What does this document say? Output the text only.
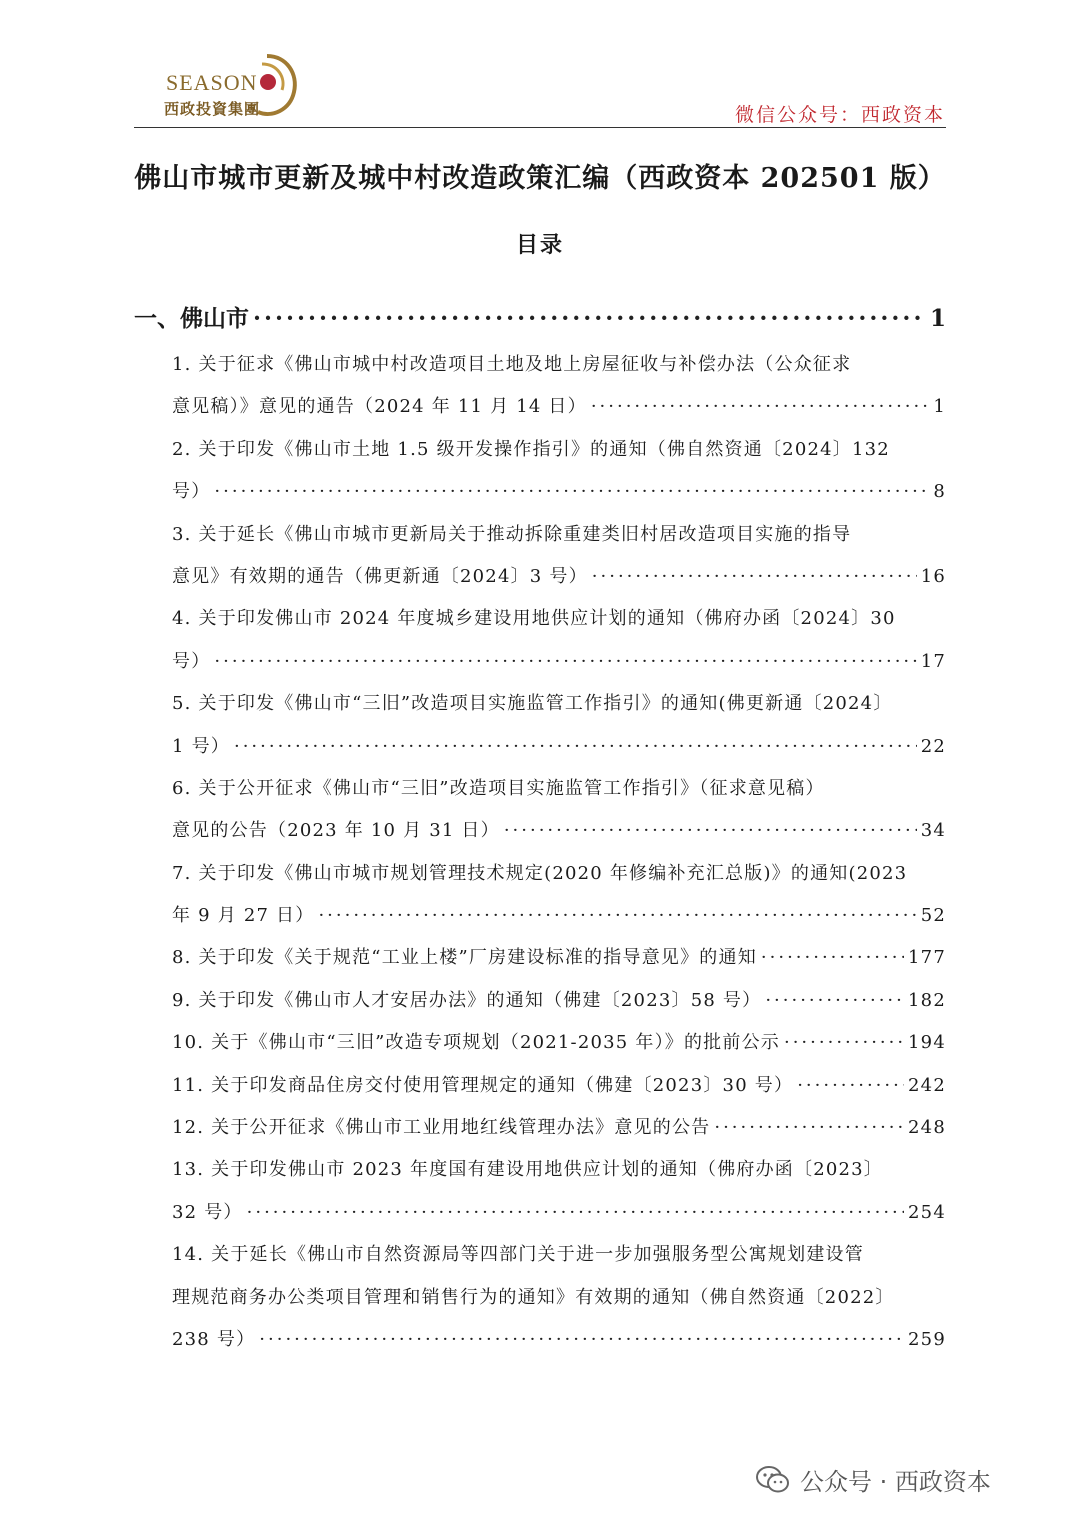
SEASON
西政投資集團	微信公众号：西政资本
佛山市城市更新及城中村改造政策汇编（西政资本 202501 版）
目录
一、 佛山市 ·····	1
1. 关于征求《佛山市城中村改造项目土地及地上房屋征收与补偿办法（公众征求
意见稿）》意见的通告（2024 年 11 月 14 日） ·····	1
2. 关于印发《佛山市土地 1.5 级开发操作指引》的通知（佛自然资通〔2024〕132
号） ·····	8
3. 关于延长《佛山市城市更新局关于推动拆除重建类旧村居改造项目实施的指导
意见》有效期的通告（佛更新通〔2024〕3 号） ·····	16
4. 关于印发佛山市 2024 年度城乡建设用地供应计划的通知（佛府办函〔2024〕30
号） ·····	17
5. 关于印发《佛山市“三旧”改造项目实施监管工作指引》的通知(佛更新通〔2024〕
1 号） ·····	22
6. 关于公开征求《佛山市“三旧”改造项目实施监管工作指引》（征求意见稿）
意见的公告（2023 年 10 月 31 日） ·····	34
7. 关于印发《佛山市城市规划管理技术规定(2020 年修编补充汇总版)》的通知(2023
年 9 月 27 日） ·····	52
8. 关于印发《关于规范“工业上楼”厂房建设标准的指导意见》的通知 ·····	177
9. 关于印发《佛山市人才安居办法》的通知（佛建〔2023〕58 号） ·····	182
10. 关于《佛山市“三旧”改造专项规划（2021-2035 年）》的批前公示 ·····	194
11. 关于印发商品住房交付使用管理规定的通知（佛建〔2023〕30 号） ·····	242
12. 关于公开征求《佛山市工业用地红线管理办法》意见的公告 ·····	248
13. 关于印发佛山市 2023 年度国有建设用地供应计划的通知（佛府办函〔2023〕
32 号） ·····	254
14. 关于延长《佛山市自然资源局等四部门关于进一步加强服务型公寓规划建设管
理规范商务办公类项目管理和销售行为的通知》有效期的通知（佛自然资通〔2022〕
238 号） ·····	259
公众号 · 西政资本
